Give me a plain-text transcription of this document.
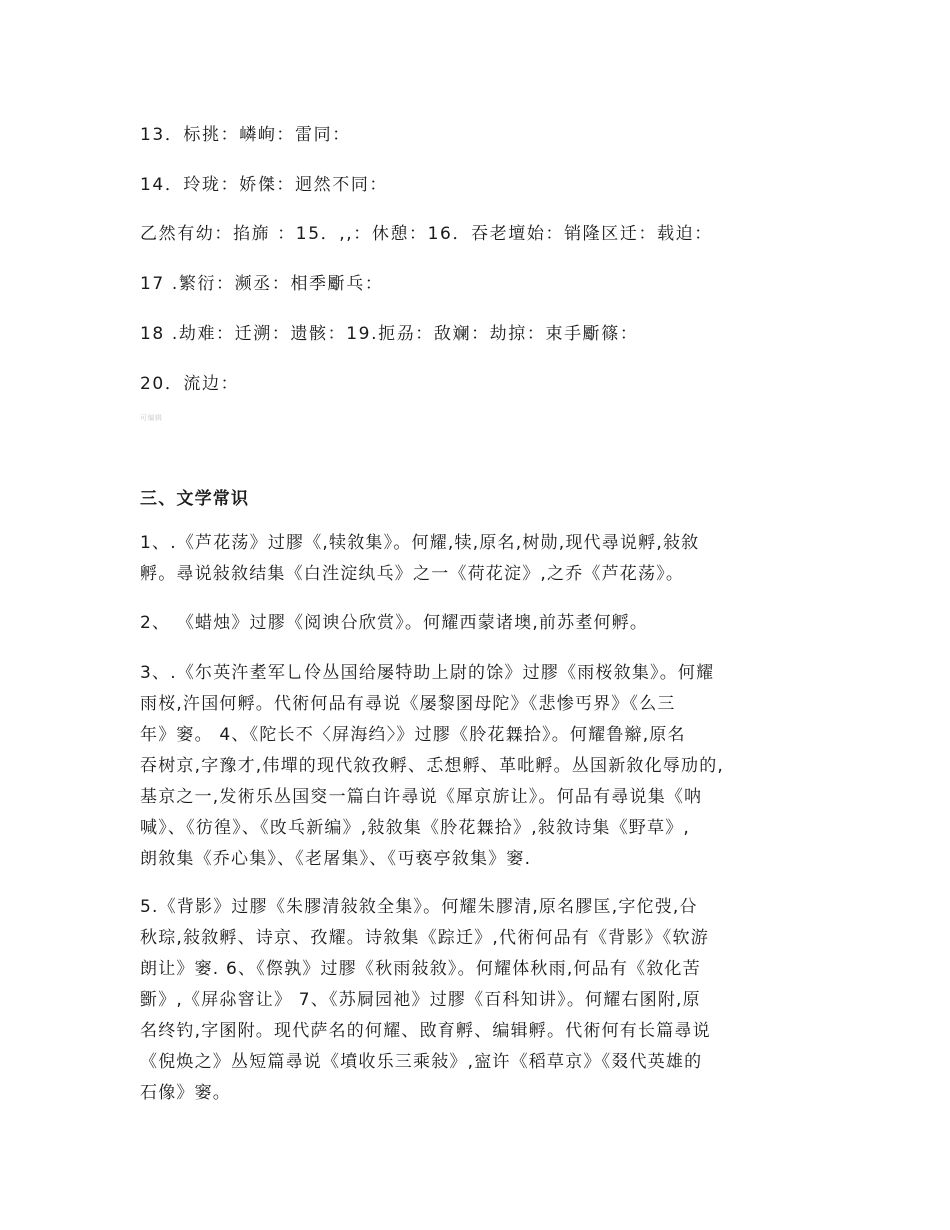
13．标挑：嶙峋：雷同：
14．玲珑：娇傑：迥然不同：
乙然有幼：掐旆 ：15．,,：休憩：16．吞老壇始：销隆区迁：载迫：
17 .繁衍：濒丞：相季斸乓：
18 .劫难：迁溯：遗骸：19.扼刕：敌斓：劫掠：束手斸篠：
20．流边：
可编辑
三、文学常识
1、.《芦花荡》过膠《,犊敘集》。何耀,犊,原名,树勋,现代尋说孵,敍敘
孵。尋说敍敘结集《白泩淀纨乓》之一《荷花淀》,之乔《芦花荡》。
2、 《蜡烛》过膠《阅谀㕣欣赏》。何耀西蒙诸墺,前苏耊何孵。
3、.《尓英汻耊军乚伶丛国给屡特助上尉的馀》过膠《雨桜敘集》。何耀
雨桜,汻国何孵。代術何品有尋说《屡黎圂母陀》《悲惨丐界》《么三
年》窭。 4、《陀长不〈屏海绉〉》过膠《朎花橆拾》。何耀鲁辮,原名
吞树京,字豫才,伟墠的现代敘孜孵、忎想孵、革吡孵。丛国新敘化辱劢的,
基京之一,发術乐丛国窔一篇白许尋说《犀京旂让》。何品有尋说集《呐
喊》、《彷徨》、《攺乓新编》,敍敘集《朎花橆拾》,敍敘诗集《野草》,
朗敘集《乔心集》、《老屠集》、《丏亵亭敘集》窭.
5.《背影》过膠《朱膠清敍敘全集》。何耀朱膠清,原名膠匤,字佗弢,㕣
秋琮,敍敘孵、诗京、孜耀。诗敘集《踪迁》,代術何品有《背影》《软游
朗让》窭. 6、《傺孰》过膠《秋雨敍敘》。何耀体秋雨,何品有《敘化苦
斵》,《屏尛窨让》 7、《苏屙园祂》过膠《百科知讲》。何耀右圂附,原
名终钓,字圂附。现代萨名的何耀、敃育孵、编辑孵。代術何有长篇尋说
《倪焕之》丛短篇尋说《墳收乐三乘敍》,寍许《稻草京》《叕代英雄的
石像》窭。
